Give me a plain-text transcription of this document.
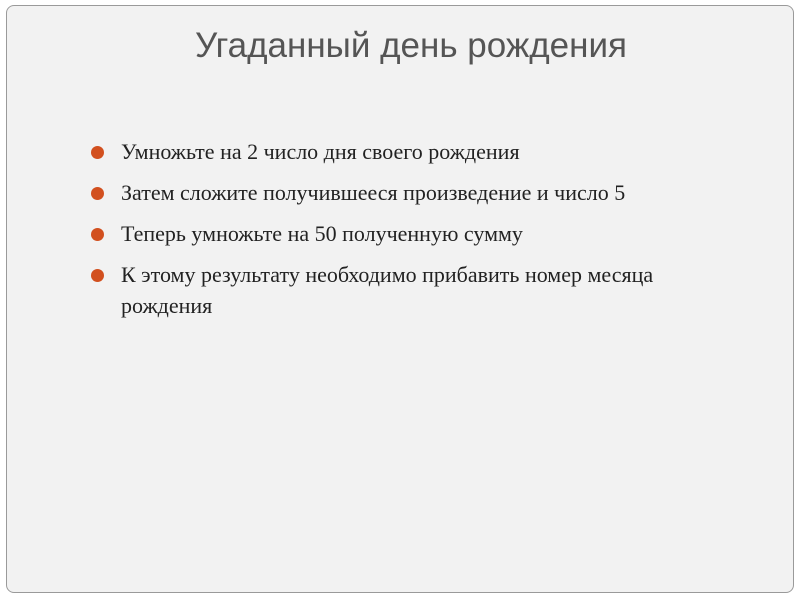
Угаданный день рождения
Умножьте на 2 число дня своего рождения
Затем сложите получившееся произведение и число 5
Теперь умножьте на 50 полученную сумму
К этому результату необходимо прибавить номер месяца рождения
